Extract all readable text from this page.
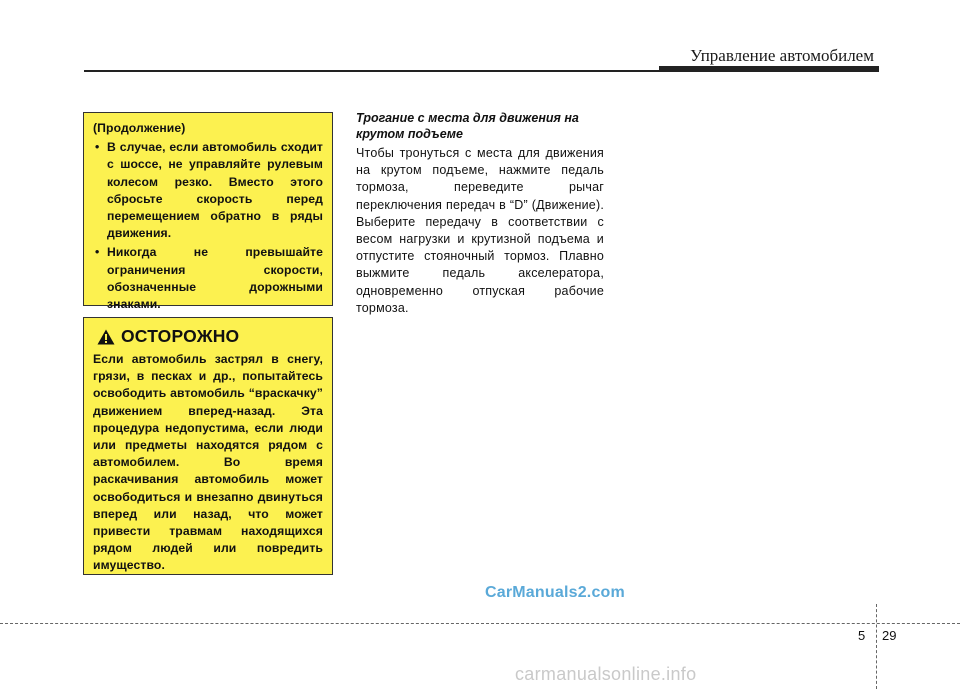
Управление автомобилем

(Продолжение)

• В случае, если автомобиль сходит с шоссе, не управляйте рулевым колесом резко. Вместо этого сбросьте скорость перед перемещением обратно в ряды движения.
• Никогда не превышайте ограничения скорости, обозначенные дорожными знаками.
ОСТОРОЖНО

Если автомобиль застрял в снегу, грязи, в песках и др., попытайтесь освободить автомобиль “враскачку” движением вперед-назад. Эта процедура недопустима, если люди или предметы находятся рядом с автомобилем. Во время раскачивания автомобиль может освободиться и внезапно двинуться вперед или назад, что может привести травмам находящихся рядом людей или повредить имущество.

Трогание с места для движения на крутом подъеме

Чтобы тронуться с места для движения на крутом подъеме, нажмите педаль тормоза, переведите рычаг переключения передач в “D” (Движение). Выберите передачу в соответствии с весом нагрузки и крутизной подъема и отпустите стояночный тормоз. Плавно выжмите педаль акселератора, одновременно отпуская рабочие тормоза.

CarManuals2.com
5 29
carmanualsonline.info
